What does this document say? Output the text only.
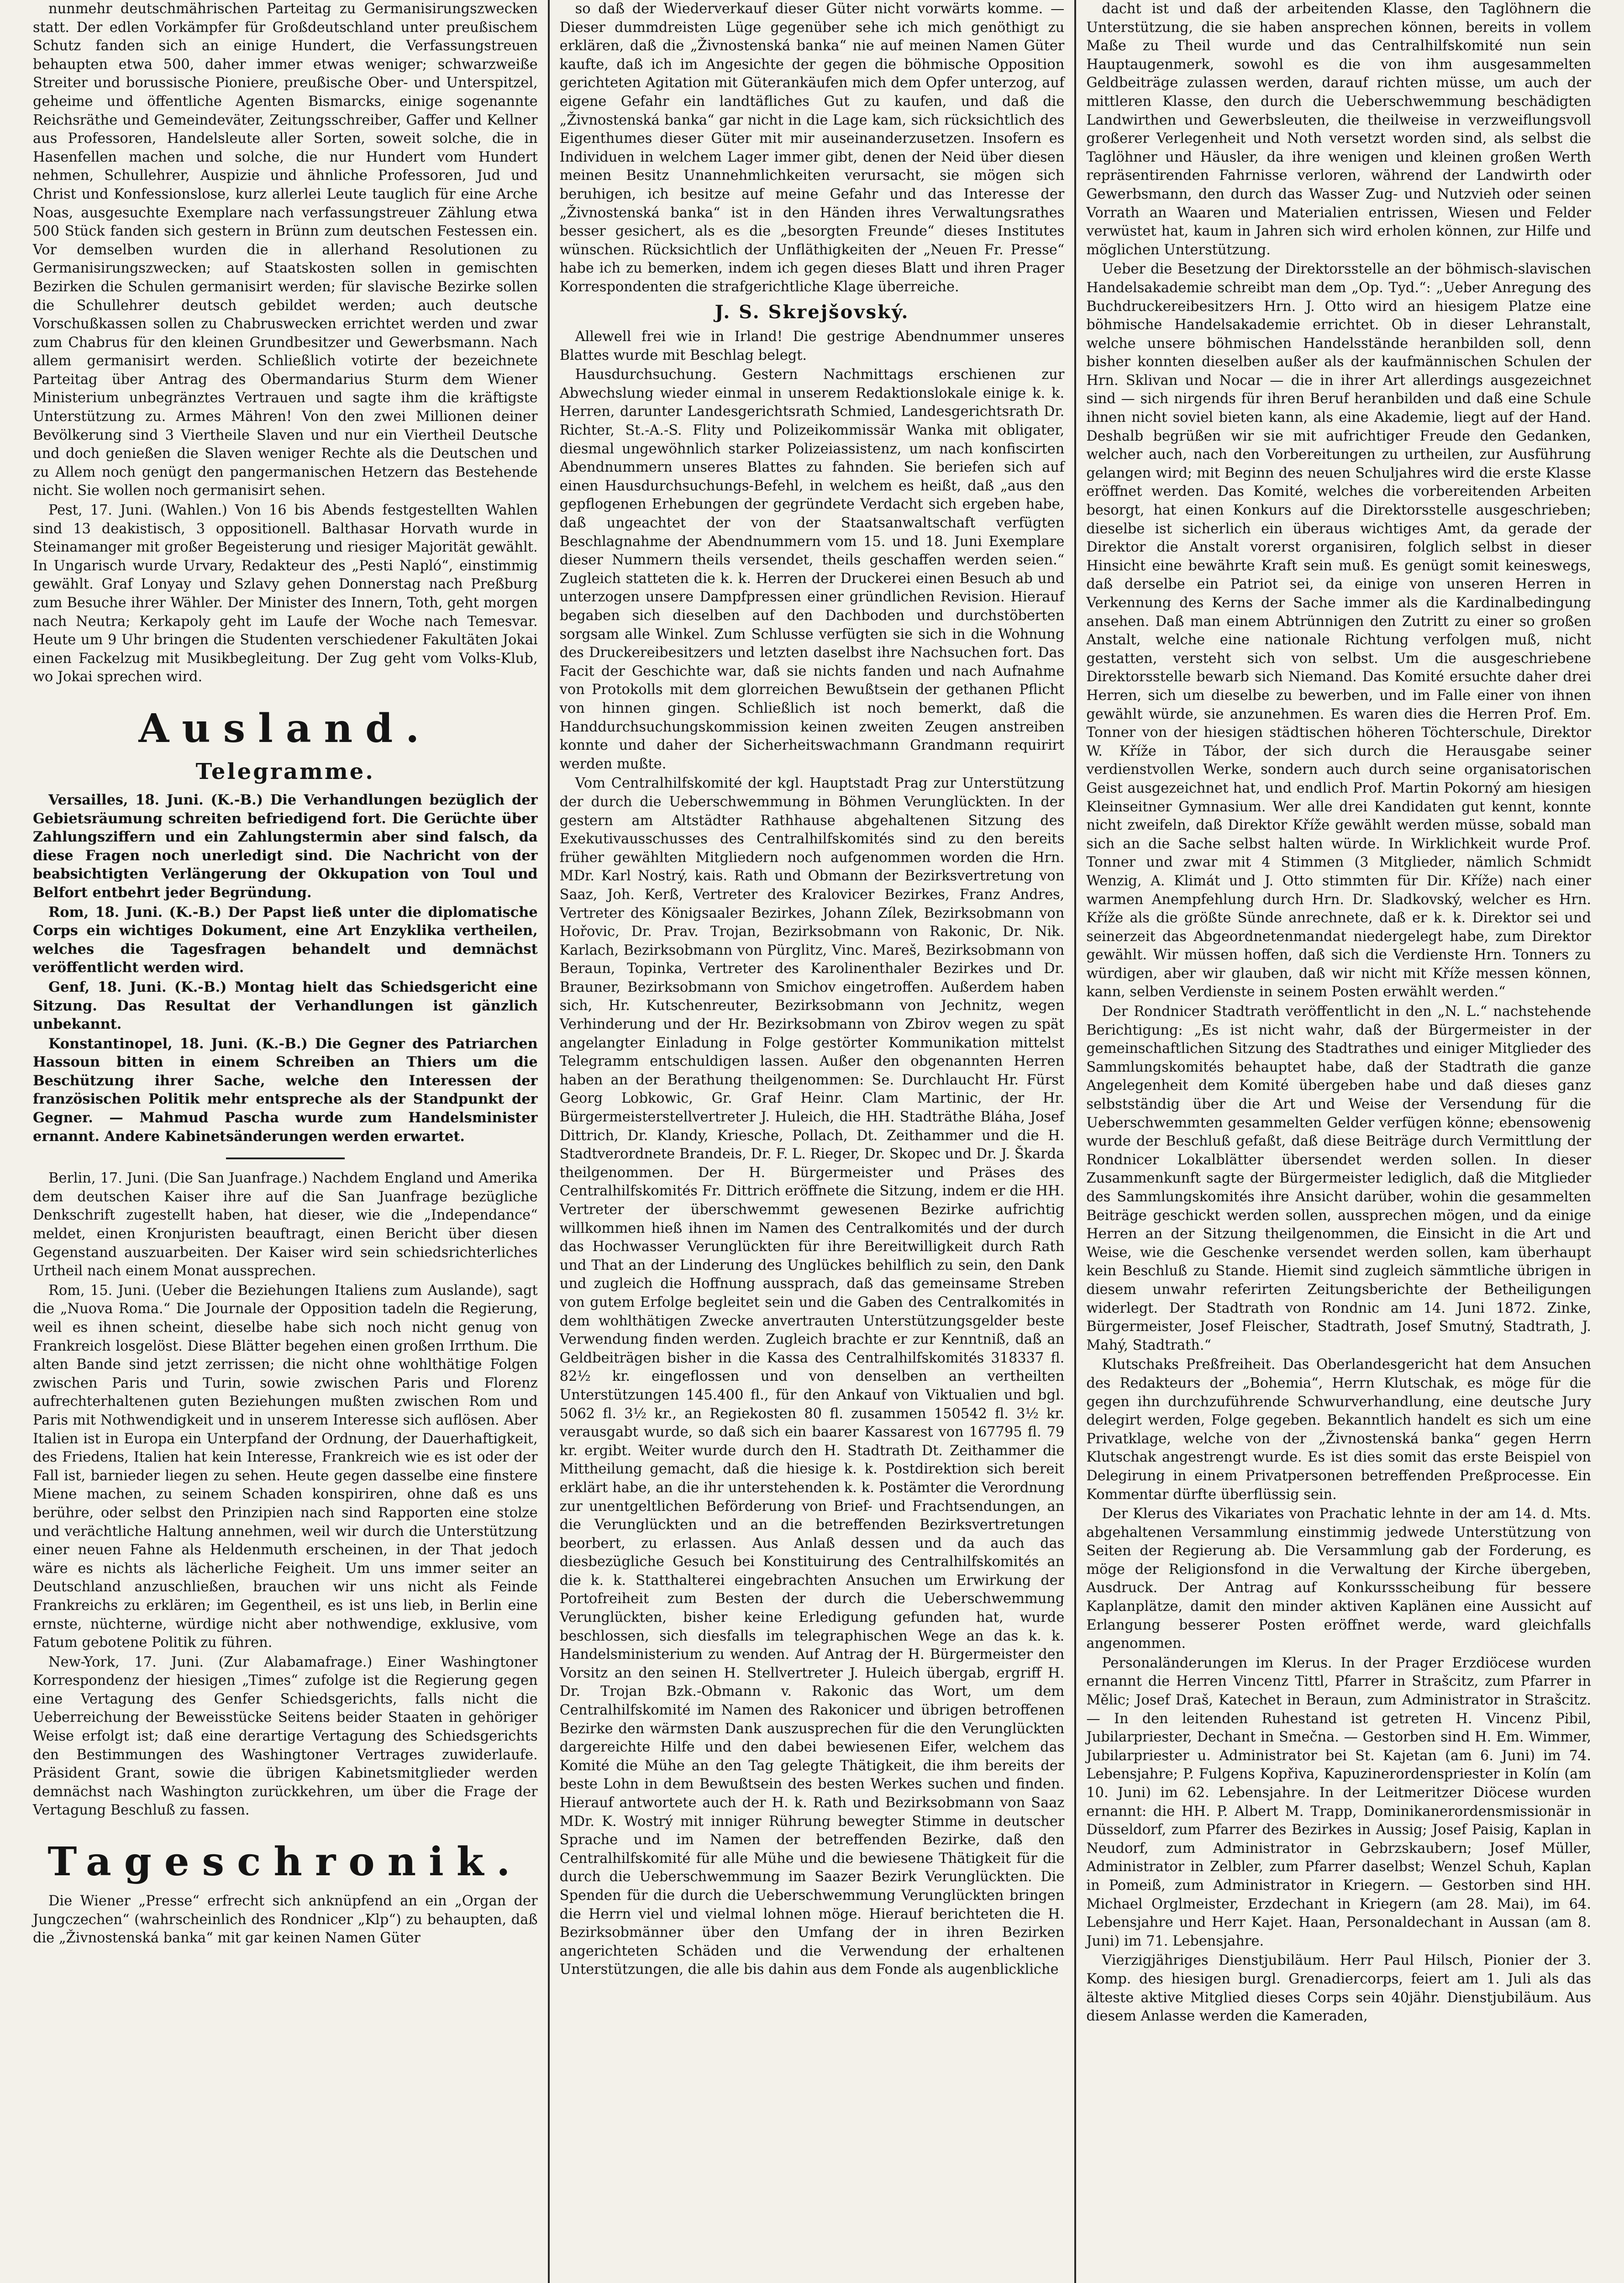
nunmehr deutschmährischen Parteitag zu Germanisirungszwecken statt. Der edlen Vorkämpfer für Großdeutschland unter preußischem Schutz fanden sich an einige Hundert, die Verfassungstreuen behaupten etwa 500, daher immer etwas weniger; schwarzweiße Streiter und borussische Pioniere, preußische Ober- und Unterspitzel, geheime und öffentliche Agenten Bismarcks, einige sogenannte Reichsräthe und Gemeindeväter, Zeitungsschreiber, Gaffer und Kellner aus Professoren, Handelsleute aller Sorten, soweit solche, die in Hasenfellen machen und solche, die nur Hundert vom Hundert nehmen, Schullehrer, Auspizie und ähnliche Professoren, Jud und Christ und Konfessionslose, kurz allerlei Leute tauglich für eine Arche Noas, ausgesuchte Exemplare nach verfassungstreuer Zählung etwa 500 Stück fanden sich gestern in Brünn zum deutschen Festessen ein. Vor demselben wurden die in allerhand Resolutionen zu Germanisirungszwecken; auf Staatskosten sollen in gemischten Bezirken die Schulen germanisirt werden; für slavische Bezirke sollen die Schullehrer deutsch gebildet werden; auch deutsche Vorschußkassen sollen zu Chabruswecken errichtet werden und zwar zum Chabrus für den kleinen Grundbesitzer und Gewerbsmann. Nach allem germanisirt werden. Schließlich votirte der bezeichnete Parteitag über Antrag des Obermandarius Sturm dem Wiener Ministerium unbegränztes Vertrauen und sagte ihm die kräftigste Unterstützung zu. Armes Mähren! Von den zwei Millionen deiner Bevölkerung sind 3 Viertheile Slaven und nur ein Viertheil Deutsche und doch genießen die Slaven weniger Rechte als die Deutschen und zu Allem noch genügt den pangermanischen Hetzern das Bestehende nicht. Sie wollen noch germanisirt sehen.

Pest, 17. Juni. (Wahlen.) Von 16 bis Abends festgestellten Wahlen sind 13 deakistisch, 3 oppositionell. Balthasar Horvath wurde in Steinamanger mit großer Begeisterung und riesiger Majorität gewählt. In Ungarisch wurde Urvary, Redakteur des „Pesti Napló“, einstimmig gewählt. Graf Lonyay und Szlavy gehen Donnerstag nach Preßburg zum Besuche ihrer Wähler. Der Minister des Innern, Toth, geht morgen nach Neutra; Kerkapoly geht im Laufe der Woche nach Temesvar. Heute um 9 Uhr bringen die Studenten verschiedener Fakultäten Jokai einen Fackelzug mit Musikbegleitung. Der Zug geht vom Volks-Klub, wo Jokai sprechen wird.

Ausland.
Telegramme.

Versailles, 18. Juni. (K.-B.) Die Verhandlungen bezüglich der Gebietsräumung schreiten befriedigend fort. Die Gerüchte über Zahlungsziffern und ein Zahlungstermin aber sind falsch, da diese Fragen noch unerledigt sind. Die Nachricht von der beabsichtigten Verlängerung der Okkupation von Toul und Belfort entbehrt jeder Begründung.

Rom, 18. Juni. (K.-B.) Der Papst ließ unter die diplomatische Corps ein wichtiges Dokument, eine Art Enzyklika vertheilen, welches die Tagesfragen behandelt und demnächst veröffentlicht werden wird.

Genf, 18. Juni. (K.-B.) Montag hielt das Schiedsgericht eine Sitzung. Das Resultat der Verhandlungen ist gänzlich unbekannt.

Konstantinopel, 18. Juni. (K.-B.) Die Gegner des Patriarchen Hassoun bitten in einem Schreiben an Thiers um die Beschützung ihrer Sache, welche den Interessen der französischen Politik mehr entspreche als der Standpunkt der Gegner. — Mahmud Pascha wurde zum Handelsminister ernannt. Andere Kabinetsänderungen werden erwartet.

Berlin, 17. Juni. (Die San Juanfrage.) Nachdem England und Amerika dem deutschen Kaiser ihre auf die San Juanfrage bezügliche Denkschrift zugestellt haben, hat dieser, wie die „Independance“ meldet, einen Kronjuristen beauftragt, einen Bericht über diesen Gegenstand auszuarbeiten. Der Kaiser wird sein schiedsrichterliches Urtheil nach einem Monat aussprechen.

Rom, 15. Juni. (Ueber die Beziehungen Italiens zum Auslande), sagt die „Nuova Roma.“ Die Journale der Opposition tadeln die Regierung, weil es ihnen scheint, dieselbe habe sich noch nicht genug von Frankreich losgelöst. Diese Blätter begehen einen großen Irrthum. Die alten Bande sind jetzt zerrissen; die nicht ohne wohlthätige Folgen zwischen Paris und Turin, sowie zwischen Paris und Florenz aufrechterhaltenen guten Beziehungen mußten zwischen Rom und Paris mit Nothwendigkeit und in unserem Interesse sich auflösen. Aber Italien ist in Europa ein Unterpfand der Ordnung, der Dauerhaftigkeit, des Friedens, Italien hat kein Interesse, Frankreich wie es ist oder der Fall ist, barnieder liegen zu sehen. Heute gegen dasselbe eine finstere Miene machen, zu seinem Schaden konspiriren, ohne daß es uns berühre, oder selbst den Prinzipien nach sind Rapporten eine stolze und verächtliche Haltung annehmen, weil wir durch die Unterstützung einer neuen Fahne als Heldenmuth erscheinen, in der That jedoch wäre es nichts als lächerliche Feigheit. Um uns immer seiter an Deutschland anzuschließen, brauchen wir uns nicht als Feinde Frankreichs zu erklären; im Gegentheil, es ist uns lieb, in Berlin eine ernste, nüchterne, würdige nicht aber nothwendige, exklusive, vom Fatum gebotene Politik zu führen.

New-York, 17. Juni. (Zur Alabamafrage.) Einer Washingtoner Korrespondenz der hiesigen „Times“ zufolge ist die Regierung gegen eine Vertagung des Genfer Schiedsgerichts, falls nicht die Ueberreichung der Beweisstücke Seitens beider Staaten in gehöriger Weise erfolgt ist; daß eine derartige Vertagung des Schiedsgerichts den Bestimmungen des Washingtoner Vertrages zuwiderlaufe. Präsident Grant, sowie die übrigen Kabinetsmitglieder werden demnächst nach Washington zurückkehren, um über die Frage der Vertagung Beschluß zu fassen.

Tageschronik.

Die Wiener „Presse“ erfrecht sich anknüpfend an ein „Organ der Jungczechen“ (wahrscheinlich des Rondnicer „Klp“) zu behaupten, daß die „Živnostenská banka“ mit gar keinen Namen Güter

so daß der Wiederverkauf dieser Güter nicht vorwärts komme. — Dieser dummdreisten Lüge gegenüber sehe ich mich genöthigt zu erklären, daß die „Živnostenská banka“ nie auf meinen Namen Güter kaufte, daß ich im Angesichte der gegen die böhmische Opposition gerichteten Agitation mit Güterankäufen mich dem Opfer unterzog, auf eigene Gefahr ein landtäfliches Gut zu kaufen, und daß die „Živnostenská banka“ gar nicht in die Lage kam, sich rücksichtlich des Eigenthumes dieser Güter mit mir auseinanderzusetzen. Insofern es Individuen in welchem Lager immer gibt, denen der Neid über diesen meinen Besitz Unannehmlichkeiten verursacht, sie mögen sich beruhigen, ich besitze auf meine Gefahr und das Interesse der „Živnostenská banka“ ist in den Händen ihres Verwaltungsrathes besser gesichert, als es die „besorgten Freunde“ dieses Institutes wünschen. Rücksichtlich der Unfläthigkeiten der „Neuen Fr. Presse“ habe ich zu bemerken, indem ich gegen dieses Blatt und ihren Prager Korrespondenten die strafgerichtliche Klage überreiche.

J. S. Skrejšovský.

Allewell frei wie in Irland! Die gestrige Abendnummer unseres Blattes wurde mit Beschlag belegt.

Hausdurchsuchung. Gestern Nachmittags erschienen zur Abwechslung wieder einmal in unserem Redaktionslokale einige k. k. Herren, darunter Landesgerichtsrath Schmied, Landesgerichtsrath Dr. Richter, St.-A.-S. Flity und Polizeikommissär Wanka mit obligater, diesmal ungewöhnlich starker Polizeiassistenz, um nach konfiscirten Abendnummern unseres Blattes zu fahnden. Sie beriefen sich auf einen Hausdurchsuchungs-Befehl, in welchem es heißt, daß „aus den gepflogenen Erhebungen der gegründete Verdacht sich ergeben habe, daß ungeachtet der von der Staatsanwaltschaft verfügten Beschlagnahme der Abendnummern vom 15. und 18. Juni Exemplare dieser Nummern theils versendet, theils geschaffen werden seien.“ Zugleich statteten die k. k. Herren der Druckerei einen Besuch ab und unterzogen unsere Dampfpressen einer gründlichen Revision. Hierauf begaben sich dieselben auf den Dachboden und durchstöberten sorgsam alle Winkel. Zum Schlusse verfügten sie sich in die Wohnung des Druckereibesitzers und letzten daselbst ihre Nachsuchen fort. Das Facit der Geschichte war, daß sie nichts fanden und nach Aufnahme von Protokolls mit dem glorreichen Bewußtsein der gethanen Pflicht von hinnen gingen. Schließlich ist noch bemerkt, daß die Handdurchsuchungskommission keinen zweiten Zeugen anstreiben konnte und daher der Sicherheitswachmann Grandmann requirirt werden mußte.

Vom Centralhilfskomité der kgl. Hauptstadt Prag zur Unterstützung der durch die Ueberschwemmung in Böhmen Verunglückten. In der gestern am Altstädter Rathhause abgehaltenen Sitzung des Exekutivausschusses des Centralhilfskomités sind zu den bereits früher gewählten Mitgliedern noch aufgenommen worden die Hrn. MDr. Karl Nostrý, kais. Rath und Obmann der Bezirksvertretung von Saaz, Joh. Kerß, Vertreter des Kralovicer Bezirkes, Franz Andres, Vertreter des Königsaaler Bezirkes, Johann Zílek, Bezirksobmann von Hořovic, Dr. Prav. Trojan, Bezirksobmann von Rakonic, Dr. Nik. Karlach, Bezirksobmann von Pürglitz, Vinc. Mareš, Bezirksobmann von Beraun, Topinka, Vertreter des Karolinenthaler Bezirkes und Dr. Brauner, Bezirksobmann von Smichov eingetroffen. Außerdem haben sich, Hr. Kutschenreuter, Bezirksobmann von Jechnitz, wegen Verhinderung und der Hr. Bezirksobmann von Zbirov wegen zu spät angelangter Einladung in Folge gestörter Kommunikation mittelst Telegramm entschuldigen lassen. Außer den obgenannten Herren haben an der Berathung theilgenommen: Se. Durchlaucht Hr. Fürst Georg Lobkowic, Gr. Graf Heinr. Clam Martinic, der Hr. Bürgermeisterstellvertreter J. Huleich, die HH. Stadträthe Bláha, Josef Dittrich, Dr. Klandy, Kriesche, Pollach, Dt. Zeithammer und die H. Stadtverordnete Brandeis, Dr. F. L. Rieger, Dr. Skopec und Dr. J. Škarda theilgenommen. Der H. Bürgermeister und Präses des Centralhilfskomités Fr. Dittrich eröffnete die Sitzung, indem er die HH. Vertreter der überschwemmt gewesenen Bezirke aufrichtig willkommen hieß ihnen im Namen des Centralkomités und der durch das Hochwasser Verunglückten für ihre Bereitwilligkeit durch Rath und That an der Linderung des Unglückes behilflich zu sein, den Dank und zugleich die Hoffnung aussprach, daß das gemeinsame Streben von gutem Erfolge begleitet sein und die Gaben des Centralkomités in dem wohlthätigen Zwecke anvertrauten Unterstützungsgelder beste Verwendung finden werden. Zugleich brachte er zur Kenntniß, daß an Geldbeiträgen bisher in die Kassa des Centralhilfskomités 318337 fl. 82½ kr. eingeflossen und von denselben an vertheilten Unterstützungen 145.400 fl., für den Ankauf von Viktualien und bgl. 5062 fl. 3½ kr., an Regiekosten 80 fl. zusammen 150542 fl. 3½ kr. verausgabt wurde, so daß sich ein baarer Kassarest von 167795 fl. 79 kr. ergibt. Weiter wurde durch den H. Stadtrath Dt. Zeithammer die Mittheilung gemacht, daß die hiesige k. k. Postdirektion sich bereit erklärt habe, an die ihr unterstehenden k. k. Postämter die Verordnung zur unentgeltlichen Beförderung von Brief- und Frachtsendungen, an die Verunglückten und an die betreffenden Bezirksvertretungen beorbert, zu erlassen. Aus Anlaß dessen und da auch das diesbezügliche Gesuch bei Konstituirung des Centralhilfskomités an die k. k. Statthalterei eingebrachten Ansuchen um Erwirkung der Portofreiheit zum Besten der durch die Ueberschwemmung Verunglückten, bisher keine Erledigung gefunden hat, wurde beschlossen, sich diesfalls im telegraphischen Wege an das k. k. Handelsministerium zu wenden. Auf Antrag der H. Bürgermeister den Vorsitz an den seinen H. Stellvertreter J. Huleich übergab, ergriff H. Dr. Trojan Bzk.-Obmann v. Rakonic das Wort, um dem Centralhilfskomité im Namen des Rakonicer und übrigen betroffenen Bezirke den wärmsten Dank auszusprechen für die den Verunglückten dargereichte Hilfe und den dabei bewiesenen Eifer, welchem das Komité die Mühe an den Tag gelegte Thätigkeit, die ihm bereits der beste Lohn in dem Bewußtsein des besten Werkes suchen und finden. Hierauf antwortete auch der H. k. Rath und Bezirksobmann von Saaz MDr. K. Wostrý mit inniger Rührung bewegter Stimme in deutscher Sprache und im Namen der betreffenden Bezirke, daß den Centralhilfskomité für alle Mühe und die bewiesene Thätigkeit für die durch die Ueberschwemmung im Saazer Bezirk Verunglückten. Die Spenden für die durch die Ueberschwemmung Verunglückten bringen die Herrn viel und vielmal lohnen möge. Hierauf berichteten die H. Bezirksobmänner über den Umfang der in ihren Bezirken angerichteten Schäden und die Verwendung der erhaltenen Unterstützungen, die alle bis dahin aus dem Fonde als augenblickliche

dacht ist und daß der arbeitenden Klasse, den Taglöhnern die Unterstützung, die sie haben ansprechen können, bereits in vollem Maße zu Theil wurde und das Centralhilfskomité nun sein Hauptaugenmerk, sowohl es die von ihm ausgesammelten Geldbeiträge zulassen werden, darauf richten müsse, um auch der mittleren Klasse, den durch die Ueberschwemmung beschädigten Landwirthen und Gewerbsleuten, die theilweise in verzweiflungsvoll großerer Verlegenheit und Noth versetzt worden sind, als selbst die Taglöhner und Häusler, da ihre wenigen und kleinen großen Werth repräsentirenden Fahrnisse verloren, während der Landwirth oder Gewerbsmann, den durch das Wasser Zug- und Nutzvieh oder seinen Vorrath an Waaren und Materialien entrissen, Wiesen und Felder verwüstet hat, kaum in Jahren sich wird erholen können, zur Hilfe und möglichen Unterstützung.

Ueber die Besetzung der Direktorsstelle an der böhmisch-slavischen Handelsakademie schreibt man dem „Op. Tyd.“: „Ueber Anregung des Buchdruckereibesitzers Hrn. J. Otto wird an hiesigem Platze eine böhmische Handelsakademie errichtet. Ob in dieser Lehranstalt, welche unsere böhmischen Handelsstände heranbilden soll, denn bisher konnten dieselben außer als der kaufmännischen Schulen der Hrn. Sklivan und Nocar — die in ihrer Art allerdings ausgezeichnet sind — sich nirgends für ihren Beruf heranbilden und daß eine Schule ihnen nicht soviel bieten kann, als eine Akademie, liegt auf der Hand. Deshalb begrüßen wir sie mit aufrichtiger Freude den Gedanken, welcher auch, nach den Vorbereitungen zu urtheilen, zur Ausführung gelangen wird; mit Beginn des neuen Schuljahres wird die erste Klasse eröffnet werden. Das Komité, welches die vorbereitenden Arbeiten besorgt, hat einen Konkurs auf die Direktorsstelle ausgeschrieben; dieselbe ist sicherlich ein überaus wichtiges Amt, da gerade der Direktor die Anstalt vorerst organisiren, folglich selbst in dieser Hinsicht eine bewährte Kraft sein muß. Es genügt somit keineswegs, daß derselbe ein Patriot sei, da einige von unseren Herren in Verkennung des Kerns der Sache immer als die Kardinalbedingung ansehen. Daß man einem Abtrünnigen den Zutritt zu einer so großen Anstalt, welche eine nationale Richtung verfolgen muß, nicht gestatten, versteht sich von selbst. Um die ausgeschriebene Direktorsstelle bewarb sich Niemand. Das Komité ersuchte daher drei Herren, sich um dieselbe zu bewerben, und im Falle einer von ihnen gewählt würde, sie anzunehmen. Es waren dies die Herren Prof. Em. Tonner von der hiesigen städtischen höheren Töchterschule, Direktor W. Kříže in Tábor, der sich durch die Herausgabe seiner verdienstvollen Werke, sondern auch durch seine organisatorischen Geist ausgezeichnet hat, und endlich Prof. Martin Pokorný am hiesigen Kleinseitner Gymnasium. Wer alle drei Kandidaten gut kennt, konnte nicht zweifeln, daß Direktor Kříže gewählt werden müsse, sobald man sich an die Sache selbst halten würde. In Wirklichkeit wurde Prof. Tonner und zwar mit 4 Stimmen (3 Mitglieder, nämlich Schmidt Wenzig, A. Klimát und J. Otto stimmten für Dir. Kříže) nach einer warmen Anempfehlung durch Hrn. Dr. Sladkovský, welcher es Hrn. Kříže als die größte Sünde anrechnete, daß er k. k. Direktor sei und seinerzeit das Abgeordnetenmandat niedergelegt habe, zum Direktor gewählt. Wir müssen hoffen, daß sich die Verdienste Hrn. Tonners zu würdigen, aber wir glauben, daß wir nicht mit Kříže messen können, kann, selben Verdienste in seinem Posten erwählt werden.“

Der Rondnicer Stadtrath veröffentlicht in den „N. L.“ nachstehende Berichtigung: „Es ist nicht wahr, daß der Bürgermeister in der gemeinschaftlichen Sitzung des Stadtrathes und einiger Mitglieder des Sammlungskomités behauptet habe, daß der Stadtrath die ganze Angelegenheit dem Komité übergeben habe und daß dieses ganz selbstständig über die Art und Weise der Versendung für die Ueberschwemmten gesammelten Gelder verfügen könne; ebensowenig wurde der Beschluß gefaßt, daß diese Beiträge durch Vermittlung der Rondnicer Lokalblätter übersendet werden sollen. In dieser Zusammenkunft sagte der Bürgermeister lediglich, daß die Mitglieder des Sammlungskomités ihre Ansicht darüber, wohin die gesammelten Beiträge geschickt werden sollen, aussprechen mögen, und da einige Herren an der Sitzung theilgenommen, die Einsicht in die Art und Weise, wie die Geschenke versendet werden sollen, kam überhaupt kein Beschluß zu Stande. Hiemit sind zugleich sämmtliche übrigen in diesem unwahr referirten Zeitungsberichte der Betheiligungen widerlegt. Der Stadtrath von Rondnic am 14. Juni 1872. Zinke, Bürgermeister, Josef Fleischer, Stadtrath, Josef Smutný, Stadtrath, J. Mahý, Stadtrath.“

Klutschaks Preßfreiheit. Das Oberlandesgericht hat dem Ansuchen des Redakteurs der „Bohemia“, Herrn Klutschak, es möge für die gegen ihn durchzuführende Schwurverhandlung, eine deutsche Jury delegirt werden, Folge gegeben. Bekanntlich handelt es sich um eine Privatklage, welche von der „Živnostenská banka“ gegen Herrn Klutschak angestrengt wurde. Es ist dies somit das erste Beispiel von Delegirung in einem Privatpersonen betreffenden Preßprocesse. Ein Kommentar dürfte überflüssig sein.

Der Klerus des Vikariates von Prachatic lehnte in der am 14. d. Mts. abgehaltenen Versammlung einstimmig jedwede Unterstützung von Seiten der Regierung ab. Die Versammlung gab der Forderung, es möge der Religionsfond in die Verwaltung der Kirche übergeben, Ausdruck. Der Antrag auf Konkurssscheibung für bessere Kaplanplätze, damit den minder aktiven Kaplänen eine Aussicht auf Erlangung besserer Posten eröffnet werde, ward gleichfalls angenommen.

Personaländerungen im Klerus. In der Prager Erzdiöcese wurden ernannt die Herren Vincenz Tittl, Pfarrer in Strašcitz, zum Pfarrer in Mělic; Josef Draš, Katechet in Beraun, zum Administrator in Strašcitz. — In den leitenden Ruhestand ist getreten H. Vincenz Pibil, Jubilarpriester, Dechant in Smečna. — Gestorben sind H. Em. Wimmer, Jubilarpriester u. Administrator bei St. Kajetan (am 6. Juni) im 74. Lebensjahre; P. Fulgens Kopřiva, Kapuzinerordenspriester in Kolín (am 10. Juni) im 62. Lebensjahre. In der Leitmeritzer Diöcese wurden ernannt: die HH. P. Albert M. Trapp, Dominikanerordensmissionär in Düsseldorf, zum Pfarrer des Bezirkes in Aussig; Josef Paisig, Kaplan in Neudorf, zum Administrator in Gebrzskaubern; Josef Müller, Administrator in Zelbler, zum Pfarrer daselbst; Wenzel Schuh, Kaplan in Pomeiß, zum Administrator in Kriegern. — Gestorben sind HH. Michael Orglmeister, Erzdechant in Kriegern (am 28. Mai), im 64. Lebensjahre und Herr Kajet. Haan, Personaldechant in Aussan (am 8. Juni) im 71. Lebensjahre.

Vierzigjähriges Dienstjubiläum. Herr Paul Hilsch, Pionier der 3. Komp. des hiesigen burgl. Grenadiercorps, feiert am 1. Juli als das älteste aktive Mitglied dieses Corps sein 40jähr. Dienstjubiläum. Aus diesem Anlasse werden die Kameraden,
